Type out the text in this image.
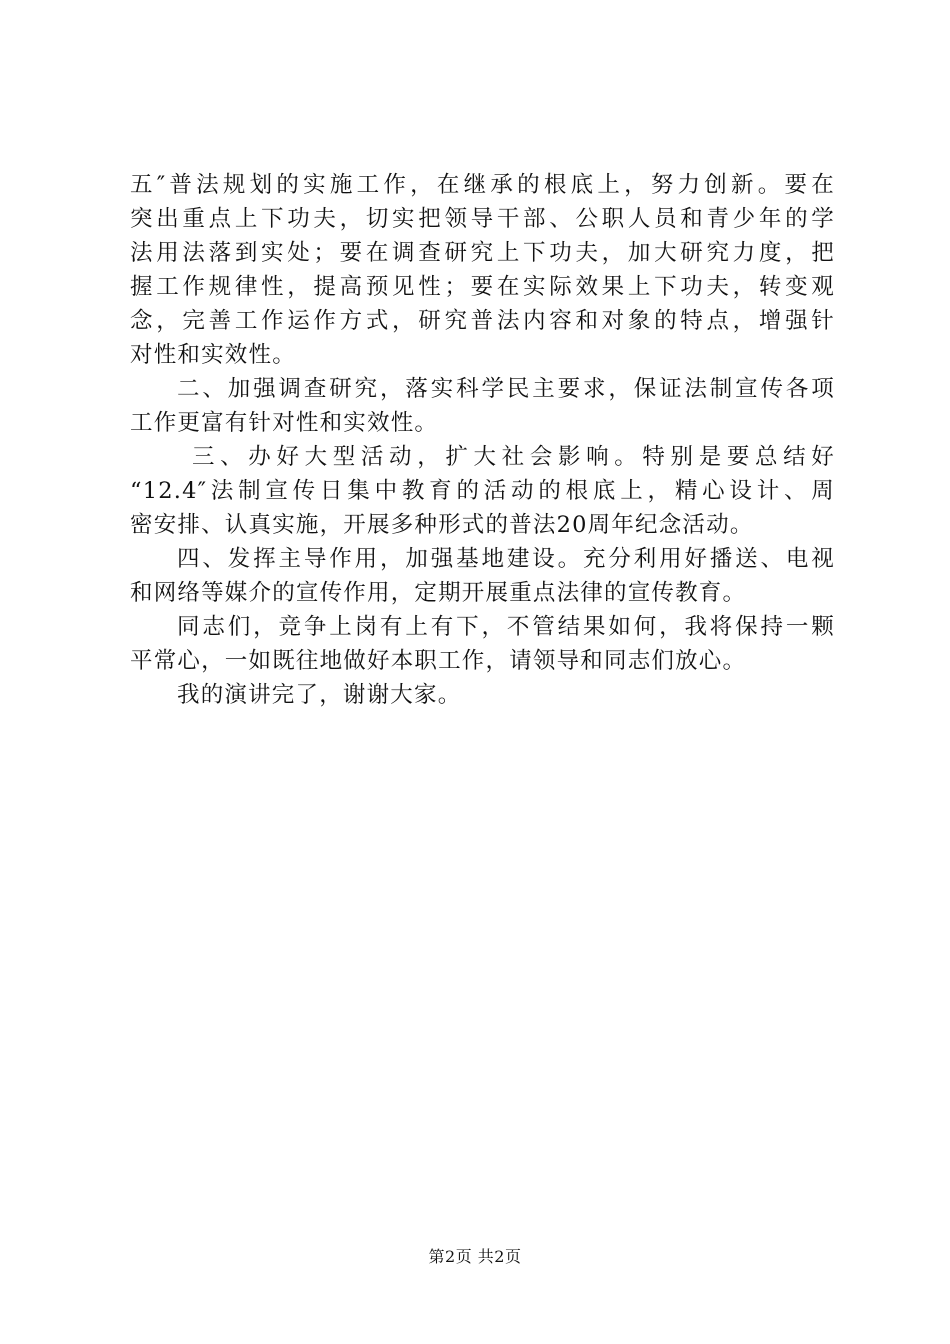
五″普法规划的实施工作，在继承的根底上，努力创新。要在
突出重点上下功夫，切实把领导干部、公职人员和青少年的学
法用法落到实处；要在调查研究上下功夫，加大研究力度，把
握工作规律性，提高预见性；要在实际效果上下功夫，转变观
念，完善工作运作方式，研究普法内容和对象的特点，增强针
对性和实效性。
二、加强调查研究，落实科学民主要求，保证法制宣传各项
工作更富有针对性和实效性。
三、办好大型活动，扩大社会影响。特别是要总结好
“12.4″法制宣传日集中教育的活动的根底上，精心设计、周
密安排、认真实施，开展多种形式的普法20周年纪念活动。
四、发挥主导作用，加强基地建设。充分利用好播送、电视
和网络等媒介的宣传作用，定期开展重点法律的宣传教育。
同志们，竞争上岗有上有下，不管结果如何，我将保持一颗
平常心，一如既往地做好本职工作，请领导和同志们放心。
我的演讲完了，谢谢大家。
第2页 共2页
